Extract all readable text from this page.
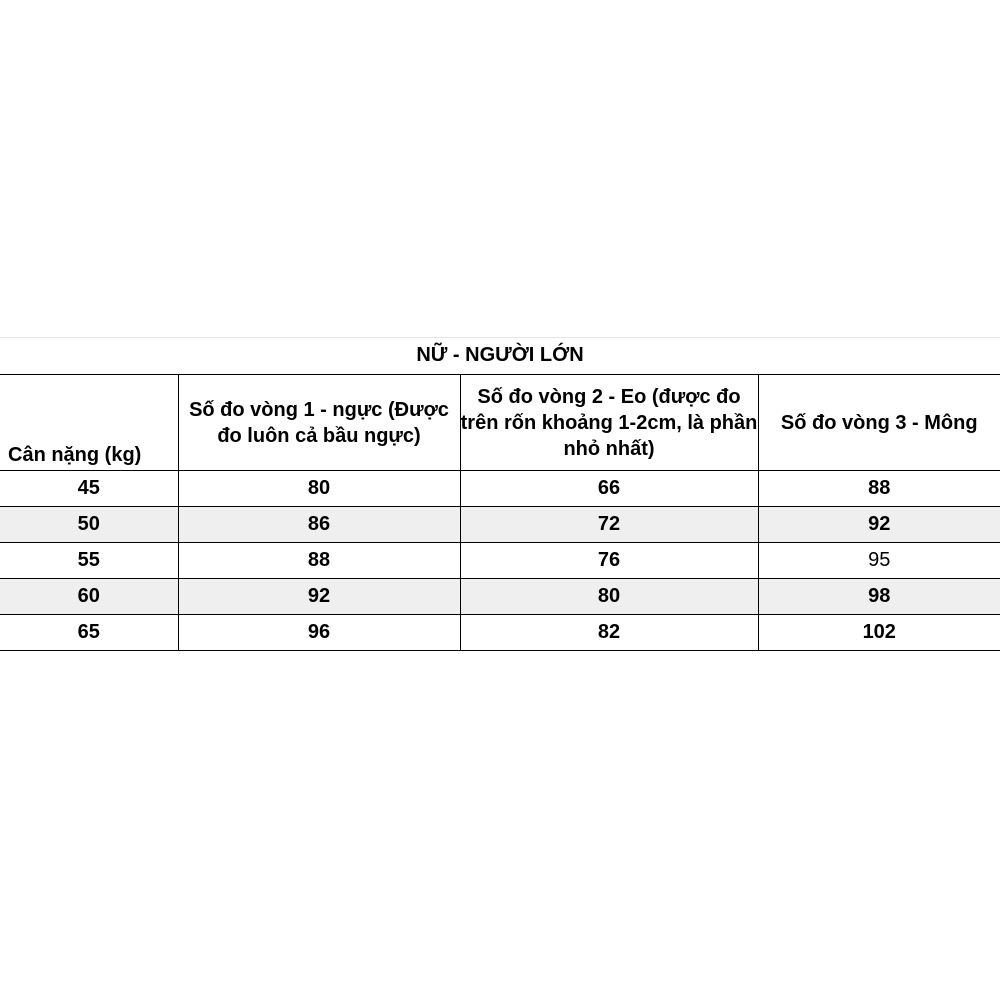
NỮ - NGƯỜI LỚN
Cân nặng (kg)	Số đo vòng 1 - ngực (Được đo luôn cả bầu ngực)	Số đo vòng 2 - Eo (được đo trên rốn khoảng 1-2cm, là phần nhỏ nhất)	Số đo vòng 3 - Mông
45	80	66	88
50	86	72	92
55	88	76	95
60	92	80	98
65	96	82	102
